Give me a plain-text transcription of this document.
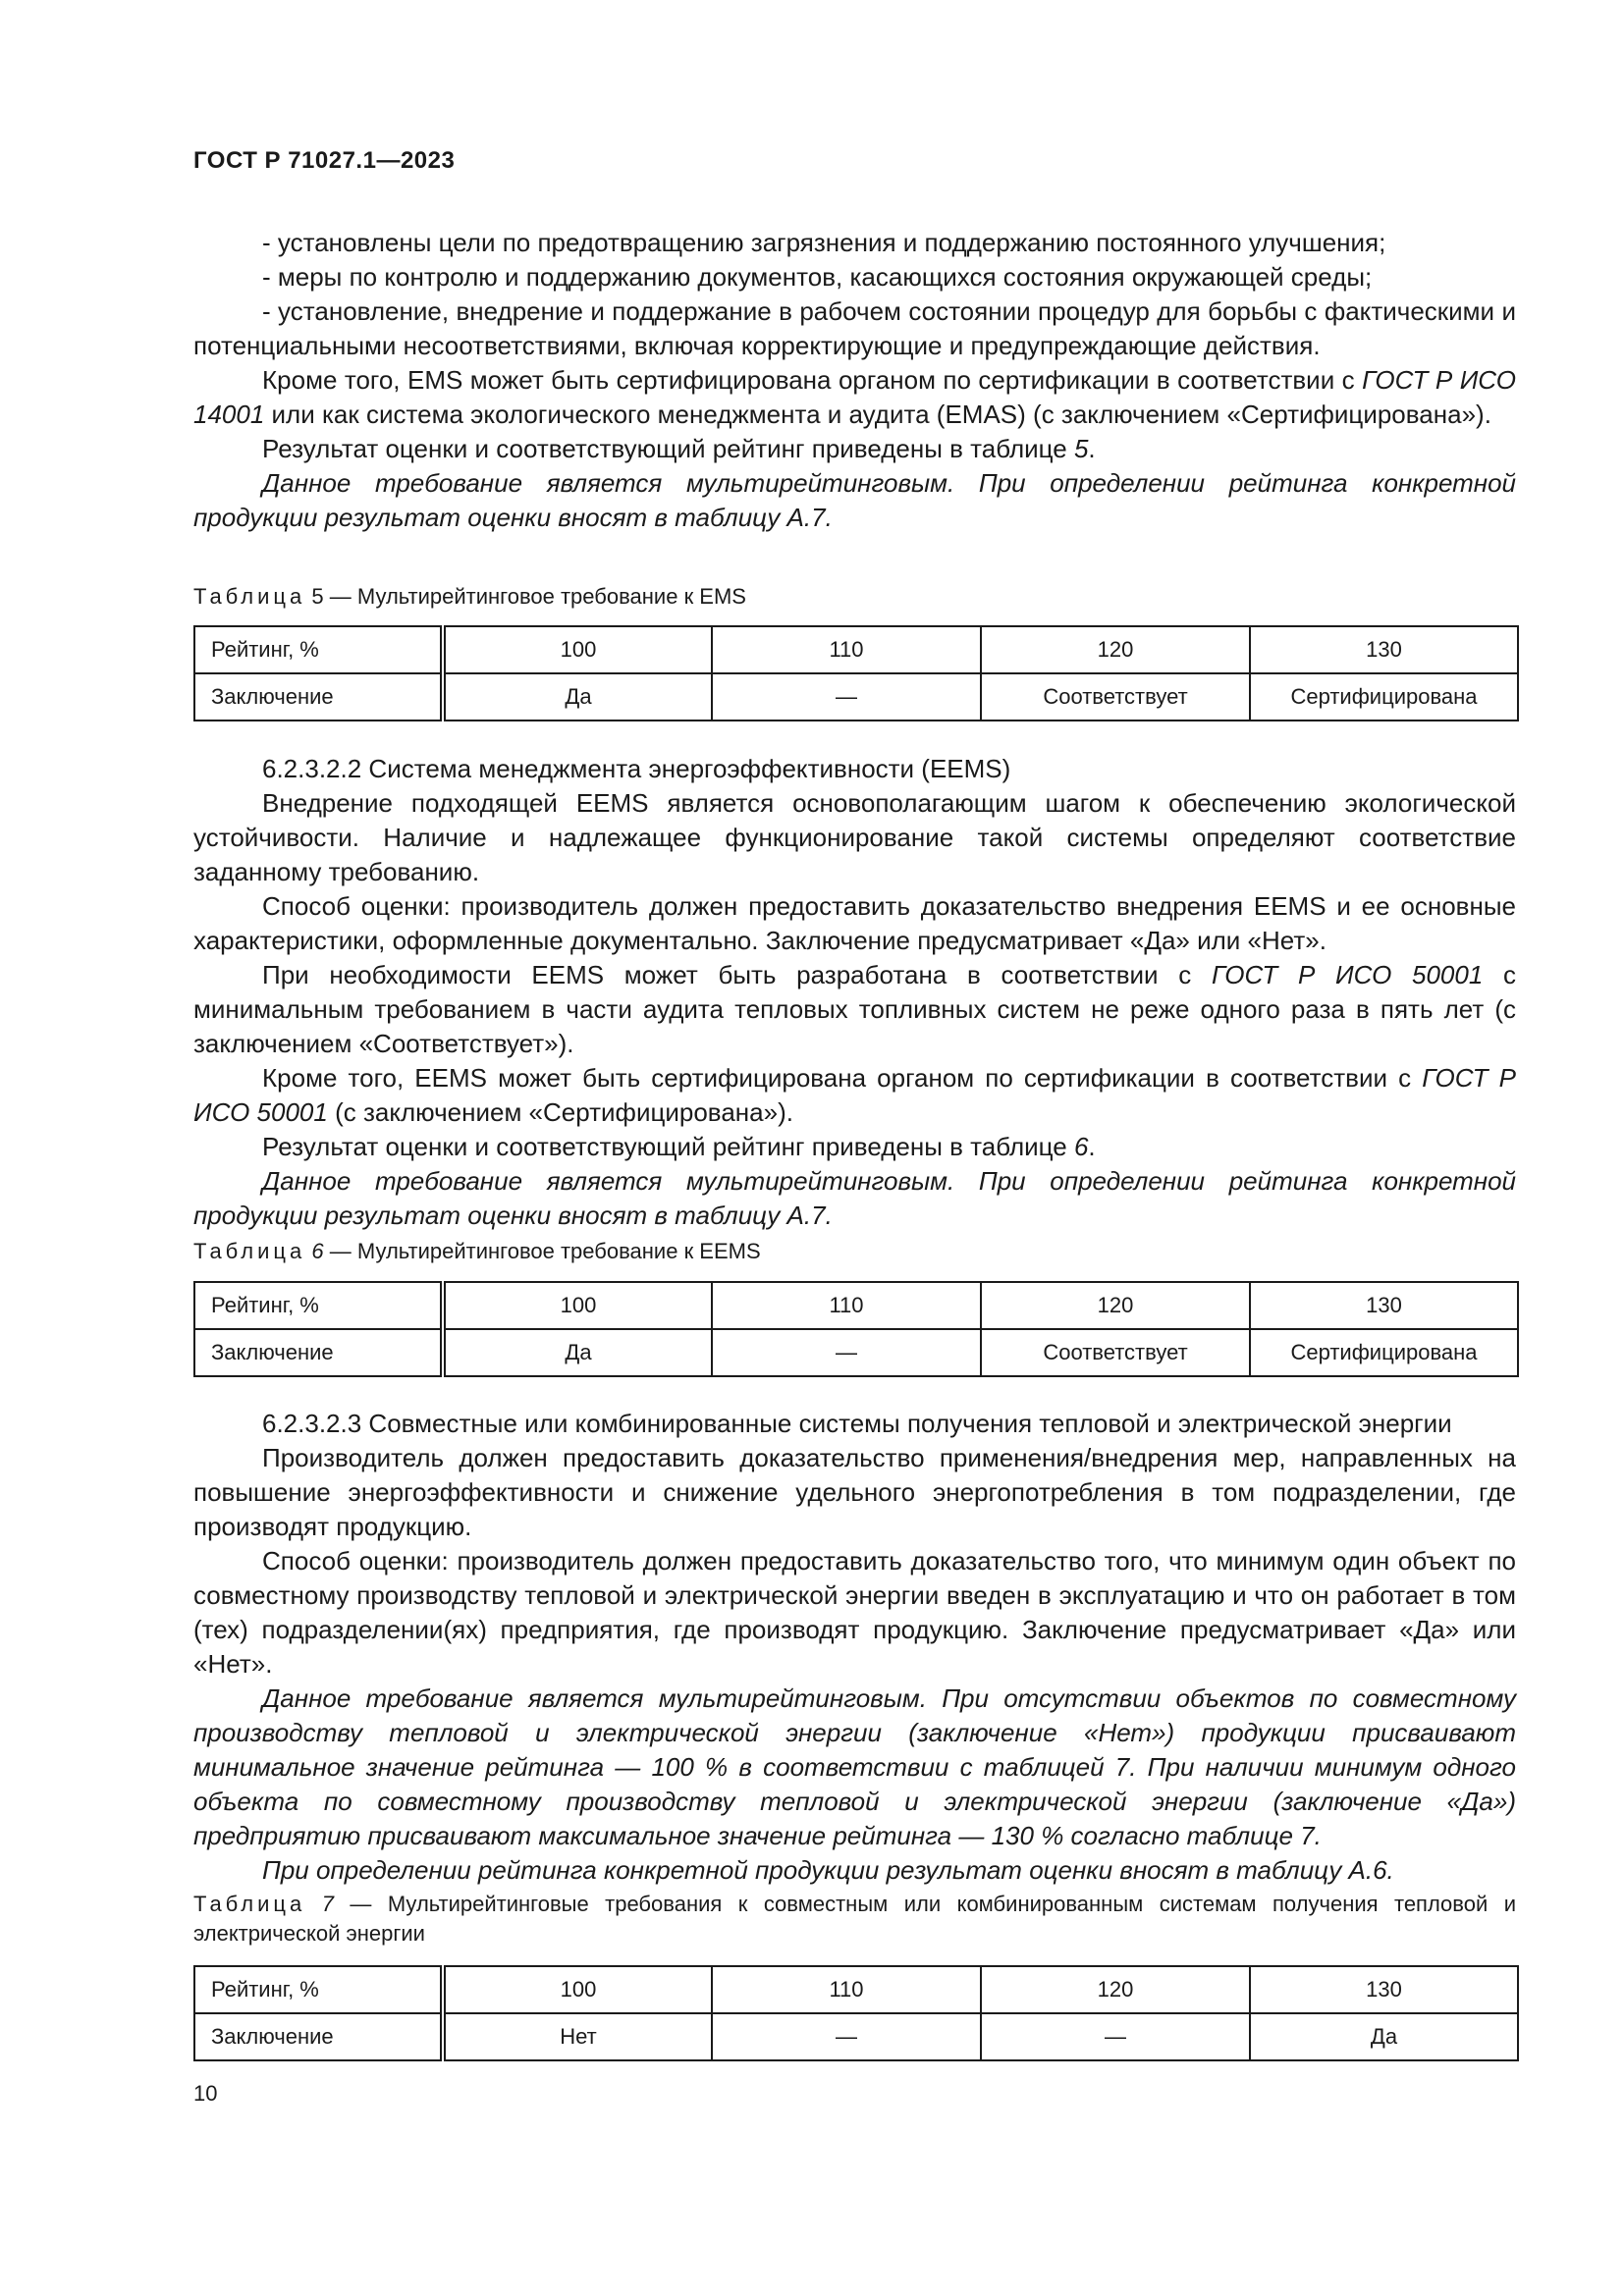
ГОСТ Р 71027.1—2023

- установлены цели по предотвращению загрязнения и поддержанию постоянного улучшения;

- меры по контролю и поддержанию документов, касающихся состояния окружающей среды;

- установление, внедрение и поддержание в рабочем состоянии процедур для борьбы с фактическими и потенциальными несоответствиями, включая корректирующие и предупреждающие действия.

Кроме того, EMS может быть сертифицирована органом по сертификации в соответствии с ГОСТ Р ИСО 14001 или как система экологического менеджмента и аудита (EMAS) (с заключением «Сертифицирована»).

Результат оценки и соответствующий рейтинг приведены в таблице 5.

Данное требование является мультирейтинговым. При определении рейтинга конкретной продукции результат оценки вносят в таблицу А.7.

Таблица 5 — Мультирейтинговое требование к EMS

Рейтинг, %	100	110	120	130
Заключение	Да	—	Соответствует	Сертифицирована

6.2.3.2.2 Система менеджмента энергоэффективности (EEMS)

Внедрение подходящей EEMS является основополагающим шагом к обеспечению экологической устойчивости. Наличие и надлежащее функционирование такой системы определяют соответствие заданному требованию.

Способ оценки: производитель должен предоставить доказательство внедрения EEMS и ее основные характеристики, оформленные документально. Заключение предусматривает «Да» или «Нет».

При необходимости EEMS может быть разработана в соответствии с ГОСТ Р ИСО 50001 с минимальным требованием в части аудита тепловых топливных систем не реже одного раза в пять лет (с заключением «Соответствует»).

Кроме того, EEMS может быть сертифицирована органом по сертификации в соответствии с ГОСТ Р ИСО 50001 (с заключением «Сертифицирована»).

Результат оценки и соответствующий рейтинг приведены в таблице 6.

Данное требование является мультирейтинговым. При определении рейтинга конкретной продукции результат оценки вносят в таблицу А.7.

Таблица 6 — Мультирейтинговое требование к EEMS

Рейтинг, %	100	110	120	130
Заключение	Да	—	Соответствует	Сертифицирована

6.2.3.2.3 Совместные или комбинированные системы получения тепловой и электрической энергии

Производитель должен предоставить доказательство применения/внедрения мер, направленных на повышение энергоэффективности и снижение удельного энергопотребления в том подразделении, где производят продукцию.

Способ оценки: производитель должен предоставить доказательство того, что минимум один объект по совместному производству тепловой и электрической энергии введен в эксплуатацию и что он работает в том (тех) подразделении(ях) предприятия, где производят продукцию. Заключение предусматривает «Да» или «Нет».

Данное требование является мультирейтинговым. При отсутствии объектов по совместному производству тепловой и электрической энергии (заключение «Нет») продукции присваивают минимальное значение рейтинга — 100 % в соответствии с таблицей 7. При наличии минимум одного объекта по совместному производству тепловой и электрической энергии (заключение «Да») предприятию присваивают максимальное значение рейтинга — 130 % согласно таблице 7.

При определении рейтинга конкретной продукции результат оценки вносят в таблицу А.6.

Таблица 7 — Мультирейтинговые требования к совместным или комбинированным системам получения тепловой и электрической энергии

Рейтинг, %	100	110	120	130
Заключение	Нет	—	—	Да
10
